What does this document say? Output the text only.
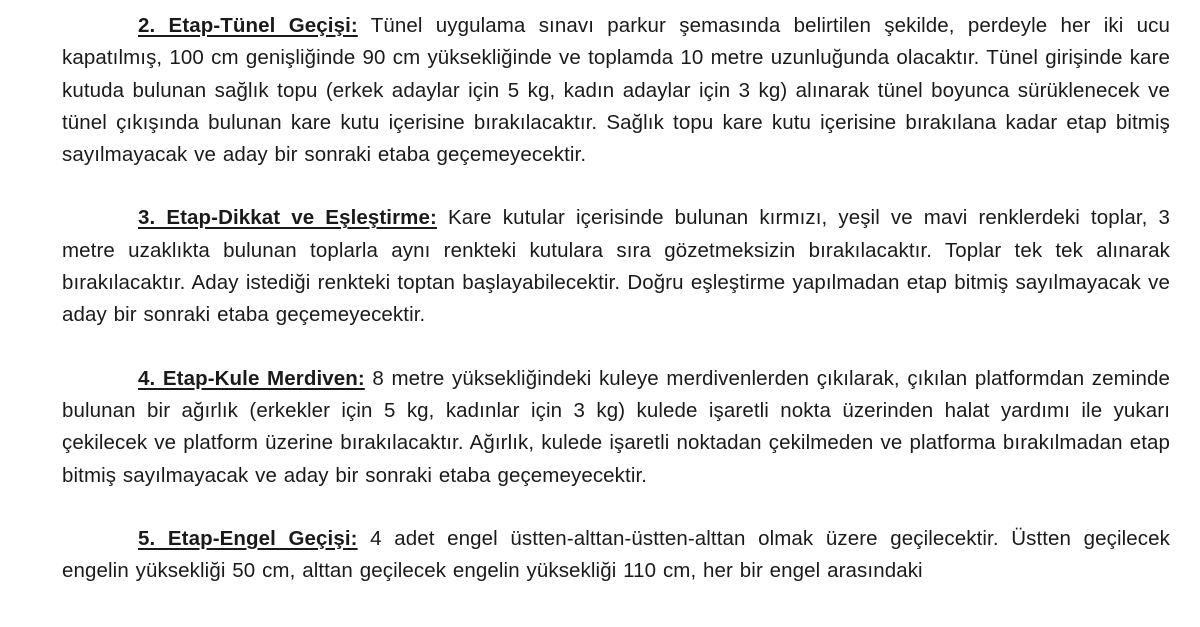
2. Etap-Tünel Geçişi: Tünel uygulama sınavı parkur şemasında belirtilen şekilde, perdeyle her iki ucu kapatılmış, 100 cm genişliğinde 90 cm yüksekliğinde ve toplamda 10 metre uzunluğunda olacaktır. Tünel girişinde kare kutuda bulunan sağlık topu (erkek adaylar için 5 kg, kadın adaylar için 3 kg) alınarak tünel boyunca sürüklenecek ve tünel çıkışında bulunan kare kutu içerisine bırakılacaktır. Sağlık topu kare kutu içerisine bırakılana kadar etap bitmiş sayılmayacak ve aday bir sonraki etaba geçemeyecektir.

3. Etap-Dikkat ve Eşleştirme: Kare kutular içerisinde bulunan kırmızı, yeşil ve mavi renklerdeki toplar, 3 metre uzaklıkta bulunan toplarla aynı renkteki kutulara sıra gözetmeksizin bırakılacaktır. Toplar tek tek alınarak bırakılacaktır. Aday istediği renkteki toptan başlayabilecektir. Doğru eşleştirme yapılmadan etap bitmiş sayılmayacak ve aday bir sonraki etaba geçemeyecektir.

4. Etap-Kule Merdiven: 8 metre yüksekliğindeki kuleye merdivenlerden çıkılarak, çıkılan platformdan zeminde bulunan bir ağırlık (erkekler için 5 kg, kadınlar için 3 kg) kulede işaretli nokta üzerinden halat yardımı ile yukarı çekilecek ve platform üzerine bırakılacaktır. Ağırlık, kulede işaretli noktadan çekilmeden ve platforma bırakılmadan etap bitmiş sayılmayacak ve aday bir sonraki etaba geçemeyecektir.

5. Etap-Engel Geçişi: 4 adet engel üstten-alttan-üstten-alttan olmak üzere geçilecektir. Üstten geçilecek engelin yüksekliği 50 cm, alttan geçilecek engelin yüksekliği 110 cm, her bir engel arasındaki
